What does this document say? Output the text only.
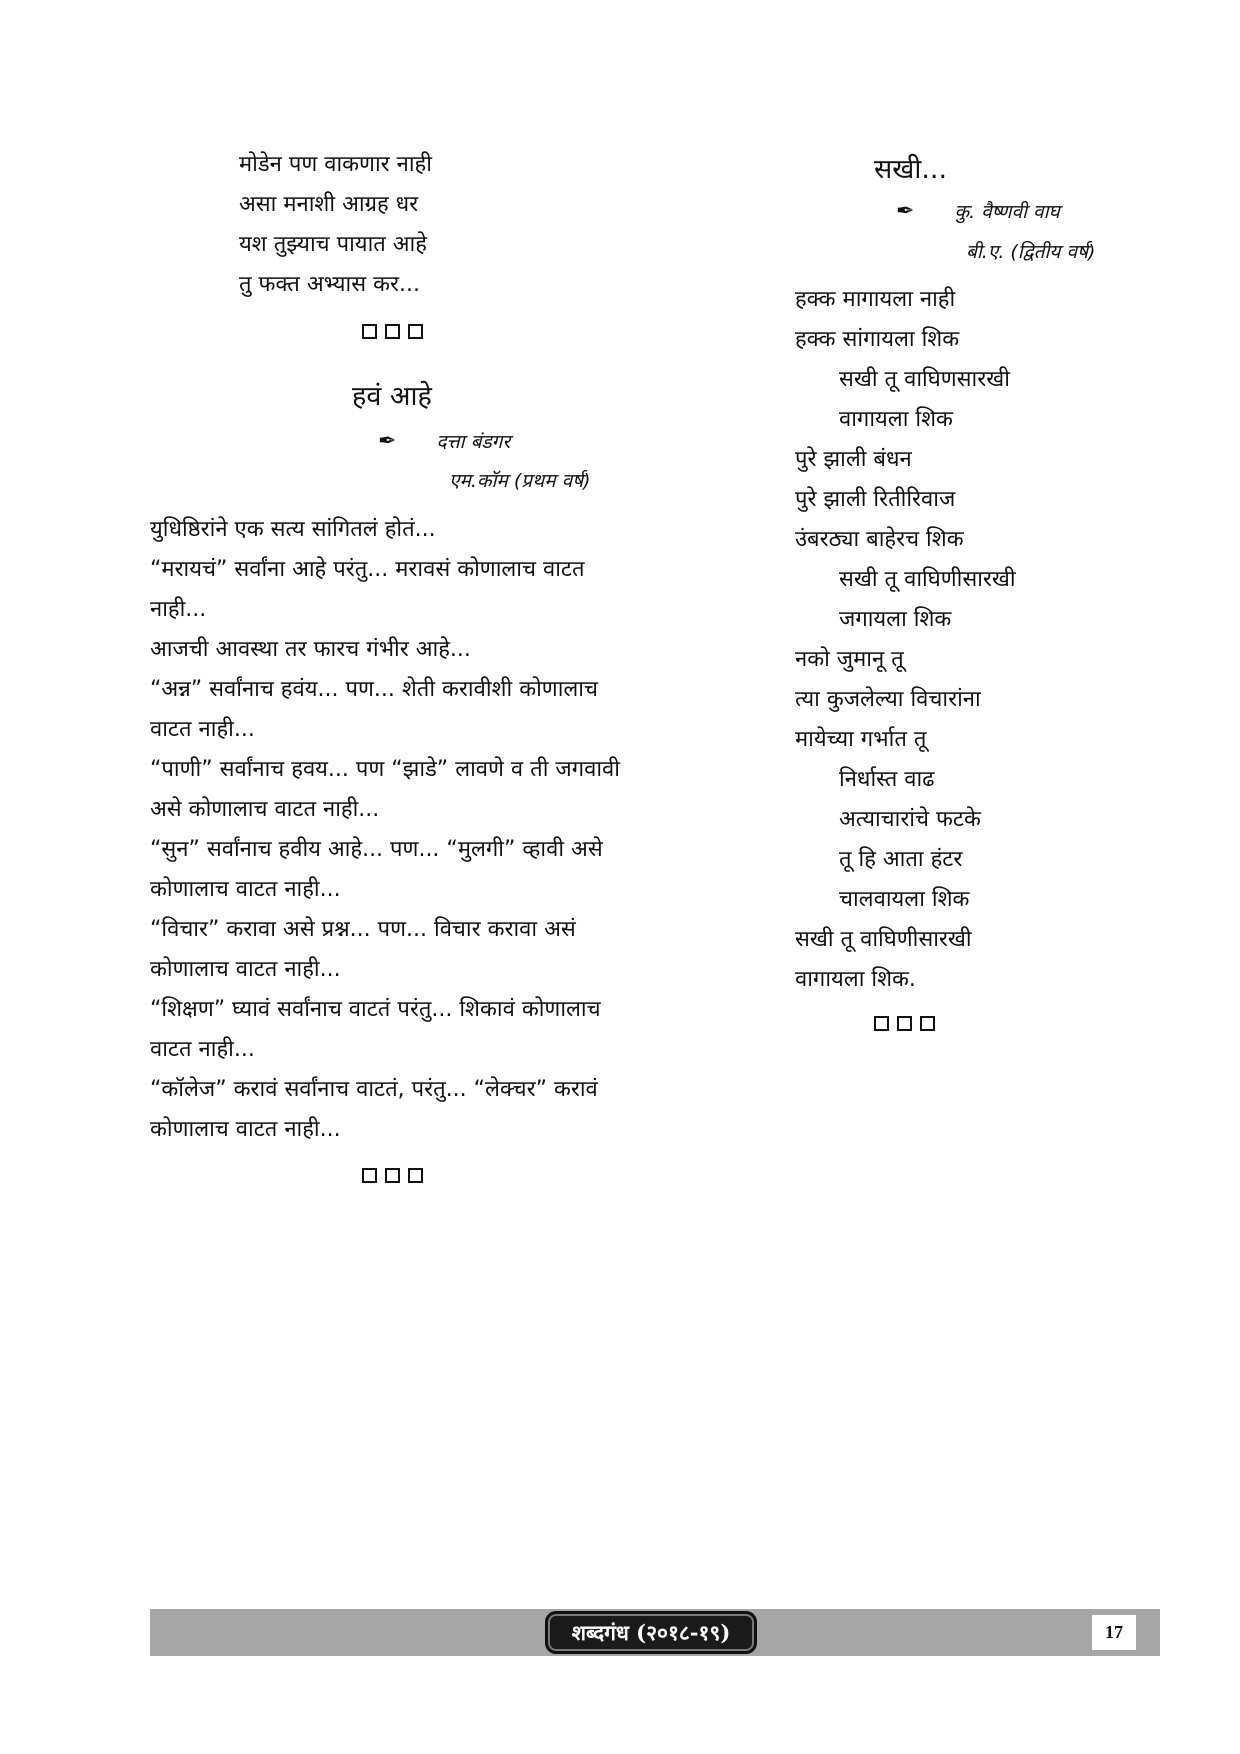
मोडेन पण वाकणार नाही
असा मनाशी आग्रह धर
यश तुझ्याच पायात आहे
तु फक्त अभ्यास कर...
हवं आहे
✒ दत्ता बंडगर
एम.कॉम (प्रथम वर्ष)
युधिष्ठिरांने एक सत्य सांगितलं होतं...
“मरायचं” सर्वांना आहे परंतु... मरावसं कोणालाच वाटत
नाही...
आजची आवस्था तर फारच गंभीर आहे...
“अन्न” सर्वांनाच हवंय... पण... शेती करावीशी कोणालाच
वाटत नाही...
“पाणी” सर्वांनाच हवय... पण “झाडे” लावणे व ती जगवावी
असे कोणालाच वाटत नाही...
“सुन” सर्वांनाच हवीय आहे... पण... “मुलगी” व्हावी असे
कोणालाच वाटत नाही...
“विचार” करावा असे प्रश्न... पण... विचार करावा असं
कोणालाच वाटत नाही...
“शिक्षण” घ्यावं सर्वांनाच वाटतं परंतु... शिकावं कोणालाच
वाटत नाही...
“कॉलेज” करावं सर्वांनाच वाटतं, परंतु... “लेक्चर” करावं
कोणालाच वाटत नाही...
सखी...
✒ कु. वैष्णवी वाघ
बी.ए. (द्वितीय वर्ष)
हक्क मागायला नाही
हक्क सांगायला शिक
सखी तू वाघिणसारखी
वागायला शिक
पुरे झाली बंधन
पुरे झाली रितीरिवाज
उंबरठ्या बाहेरच शिक
सखी तू वाघिणीसारखी
जगायला शिक
नको जुमानू तू
त्या कुजलेल्या विचारांना
मायेच्या गर्भात तू
निर्धास्त वाढ
अत्याचारांचे फटके
तू हि आता हंटर
चालवायला शिक
सखी तू वाघिणीसारखी
वागायला शिक.
शब्दगंध (२०१८-१९)	17
